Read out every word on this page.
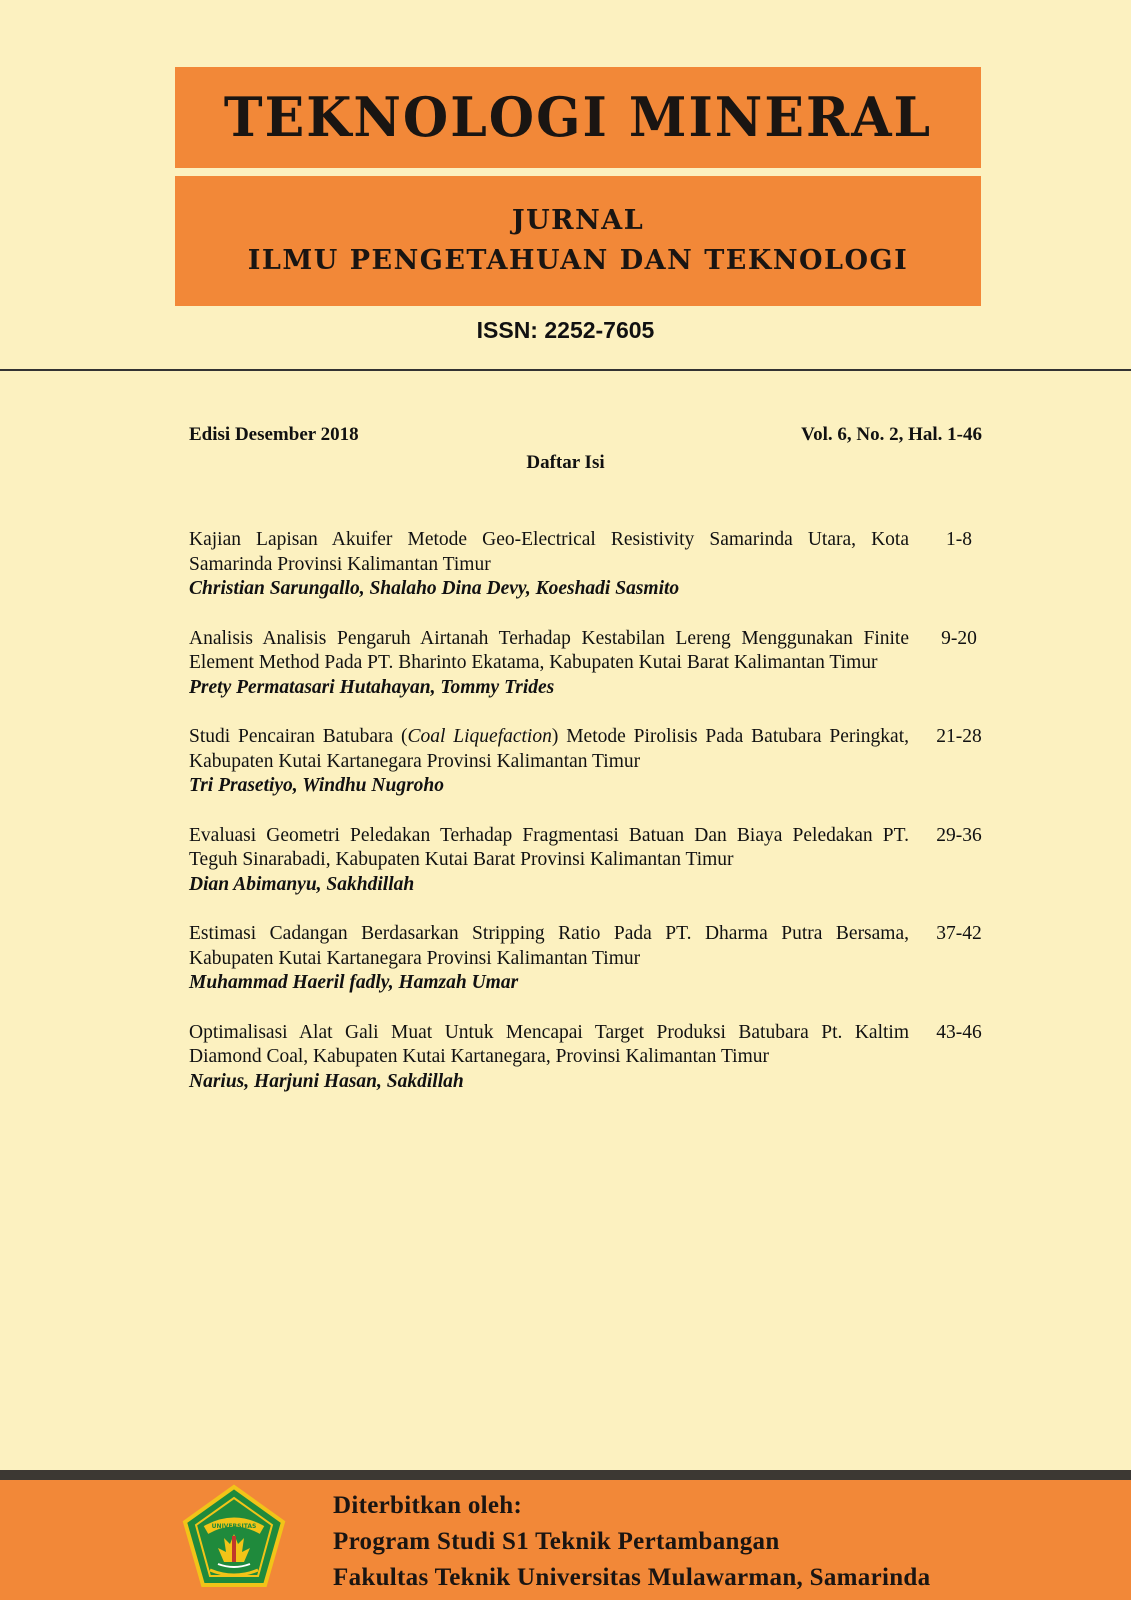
TEKNOLOGI MINERAL
JURNAL
ILMU PENGETAHUAN DAN TEKNOLOGI
ISSN: 2252-7605
Edisi Desember 2018	Vol. 6, No. 2, Hal. 1-46
Daftar Isi
Kajian Lapisan Akuifer Metode Geo-Electrical Resistivity Samarinda Utara, Kota Samarinda Provinsi Kalimantan Timur
Christian Sarungallo, Shalaho Dina Devy, Koeshadi Sasmito
1-8
Analisis Analisis Pengaruh Airtanah Terhadap Kestabilan Lereng Menggunakan Finite Element Method Pada PT. Bharinto Ekatama, Kabupaten Kutai Barat Kalimantan Timur
Prety Permatasari Hutahayan, Tommy Trides
9-20
Studi Pencairan Batubara (Coal Liquefaction) Metode Pirolisis Pada Batubara Peringkat, Kabupaten Kutai Kartanegara Provinsi Kalimantan Timur
Tri Prasetiyo, Windhu Nugroho
21-28
Evaluasi Geometri Peledakan Terhadap Fragmentasi Batuan Dan Biaya Peledakan PT. Teguh Sinarabadi, Kabupaten Kutai Barat Provinsi Kalimantan Timur
Dian Abimanyu, Sakhdillah
29-36
Estimasi Cadangan Berdasarkan Stripping Ratio Pada PT. Dharma Putra Bersama, Kabupaten Kutai Kartanegara Provinsi Kalimantan Timur
Muhammad Haeril fadly, Hamzah Umar
37-42
Optimalisasi Alat Gali Muat Untuk Mencapai Target Produksi Batubara Pt. Kaltim Diamond Coal, Kabupaten Kutai Kartanegara, Provinsi Kalimantan Timur
Narius, Harjuni Hasan, Sakdillah
43-46
UNIVERSITAS
Diterbitkan oleh:
Program Studi S1 Teknik Pertambangan
Fakultas Teknik Universitas Mulawarman, Samarinda
